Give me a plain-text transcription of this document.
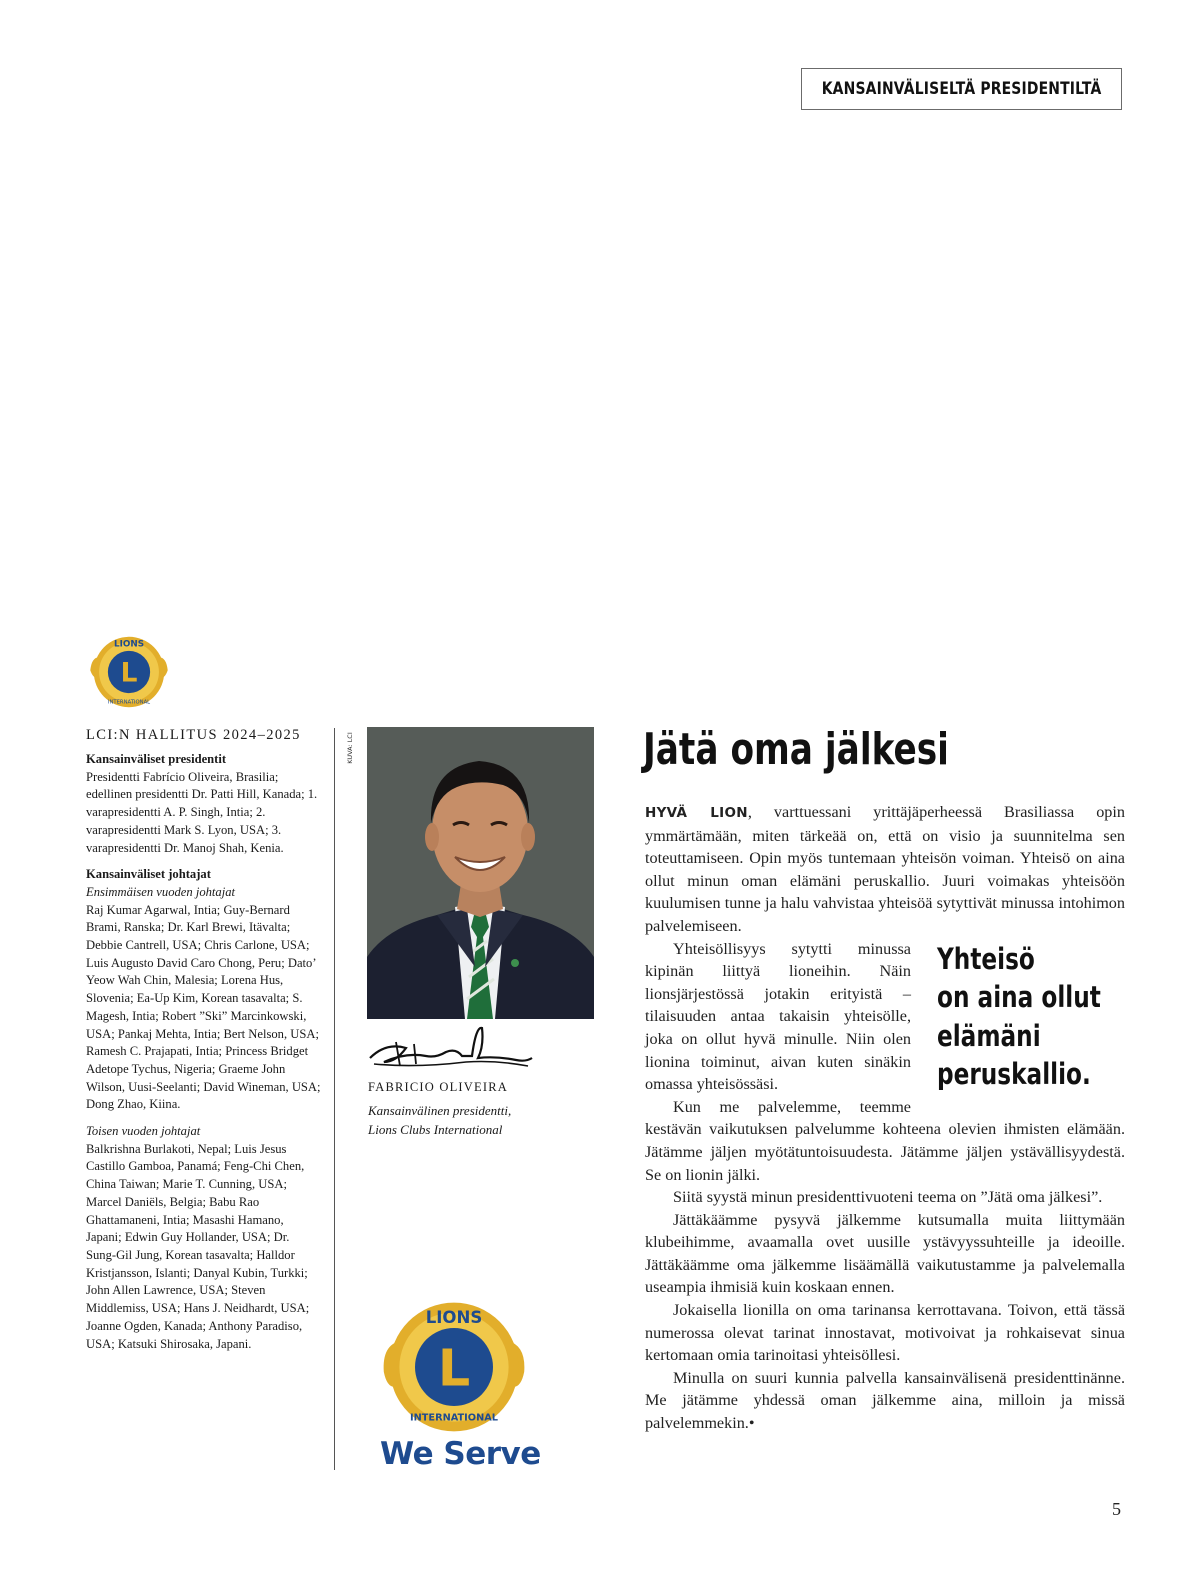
KANSAINVÄLISELTÄ PRESIDENTILTÄ
L
LIONS
INTERNATIONAL
LCI:N HALLITUS 2024–2025

Kansainväliset presidentit

Presidentti Fabrício Oliveira, Brasilia; edellinen presidentti Dr. Patti Hill, Kanada; 1. varapresidentti A. P. Singh, Intia; 2. varapresidentti Mark S. Lyon, USA; 3. varapresidentti Dr. Manoj Shah, Kenia.

Kansainväliset johtajat

Ensimmäisen vuoden johtajat

Raj Kumar Agarwal, Intia; Guy-Bernard Brami, Ranska; Dr. Karl Brewi, Itävalta; Debbie Cantrell, USA; Chris Carlone, USA; Luis Augusto David Caro Chong, Peru; Dato’ Yeow Wah Chin, Malesia; Lorena Hus, Slovenia; Ea-Up Kim, Korean tasavalta; S. Magesh, Intia; Robert ”Ski” Marcinkowski, USA; Pankaj Mehta, Intia; Bert Nelson, USA; Ramesh C. Prajapati, Intia; Princess Bridget Adetope Tychus, Nigeria; Graeme John Wilson, Uusi-Seelanti; David Wineman, USA; Dong Zhao, Kiina.

Toisen vuoden johtajat

Balkrishna Burlakoti, Nepal; Luis Jesus Castillo Gamboa, Panamá; Feng-Chi Chen, China Taiwan; Marie T. Cunning, USA; Marcel Daniëls, Belgia; Babu Rao Ghattamaneni, Intia; Masashi Hamano, Japani; Edwin Guy Hollander, USA; Dr. Sung-Gil Jung, Korean tasavalta; Halldor Kristjansson, Islanti; Danyal Kubin, Turkki; John Allen Lawrence, USA; Steven Middlemiss, USA; Hans J. Neidhardt, USA; Joanne Ogden, Kanada; Anthony Paradiso, USA; Katsuki Shirosaka, Japani.

KUVA: LCI
FABRICIO OLIVEIRA
Kansainvälinen presidentti,
Lions Clubs International
L
LIONS
INTERNATIONAL
We Serve
Jätä oma jälkesi

HYVÄ LION, varttuessani yrittäjäperheessä Brasiliassa opin ymmärtämään, miten tärkeää on, että on visio ja suunnitelma sen toteuttamiseen. Opin myös tuntemaan yhteisön voiman. Yhteisö on aina ollut minun oman elämäni peruskallio. Juuri voimakas yhteisöön kuulumisen tunne ja halu vahvistaa yhteisöä sytyttivät minussa intohimon palvelemiseen.

Yhteisö
on aina ollut
elämäni
peruskallio.
Yhteisöllisyys sytytti minussa kipinän liittyä lioneihin. Näin lionsjärjestössä jotakin erityistä – tilaisuuden antaa takaisin yhteisölle, joka on ollut hyvä minulle. Niin olen lionina toiminut, aivan kuten sinäkin omassa yhteisössäsi.

Kun me palvelemme, teemme kestävän vaikutuksen palvelumme kohteena olevien ihmisten elämään. Jätämme jäljen myötätuntoisuudesta. Jätämme jäljen ystävällisyydestä. Se on lionin jälki.

Siitä syystä minun presidenttivuoteni teema on ”Jätä oma jälkesi”.

Jättäkäämme pysyvä jälkemme kutsumalla muita liittymään klubeihimme, avaamalla ovet uusille ystävyyssuhteille ja ideoille. Jättäkäämme oma jälkemme lisäämällä vaikutustamme ja palvelemalla useampia ihmisiä kuin koskaan ennen.

Jokaisella lionilla on oma tarinansa kerrottavana. Toivon, että tässä numerossa olevat tarinat innostavat, motivoivat ja rohkaisevat sinua kertomaan omia tarinoitasi yhteisöllesi.

Minulla on suuri kunnia palvella kansainvälisenä presidenttinänne. Me jätämme yhdessä oman jälkemme aina, milloin ja missä palvelemmekin.•

5
